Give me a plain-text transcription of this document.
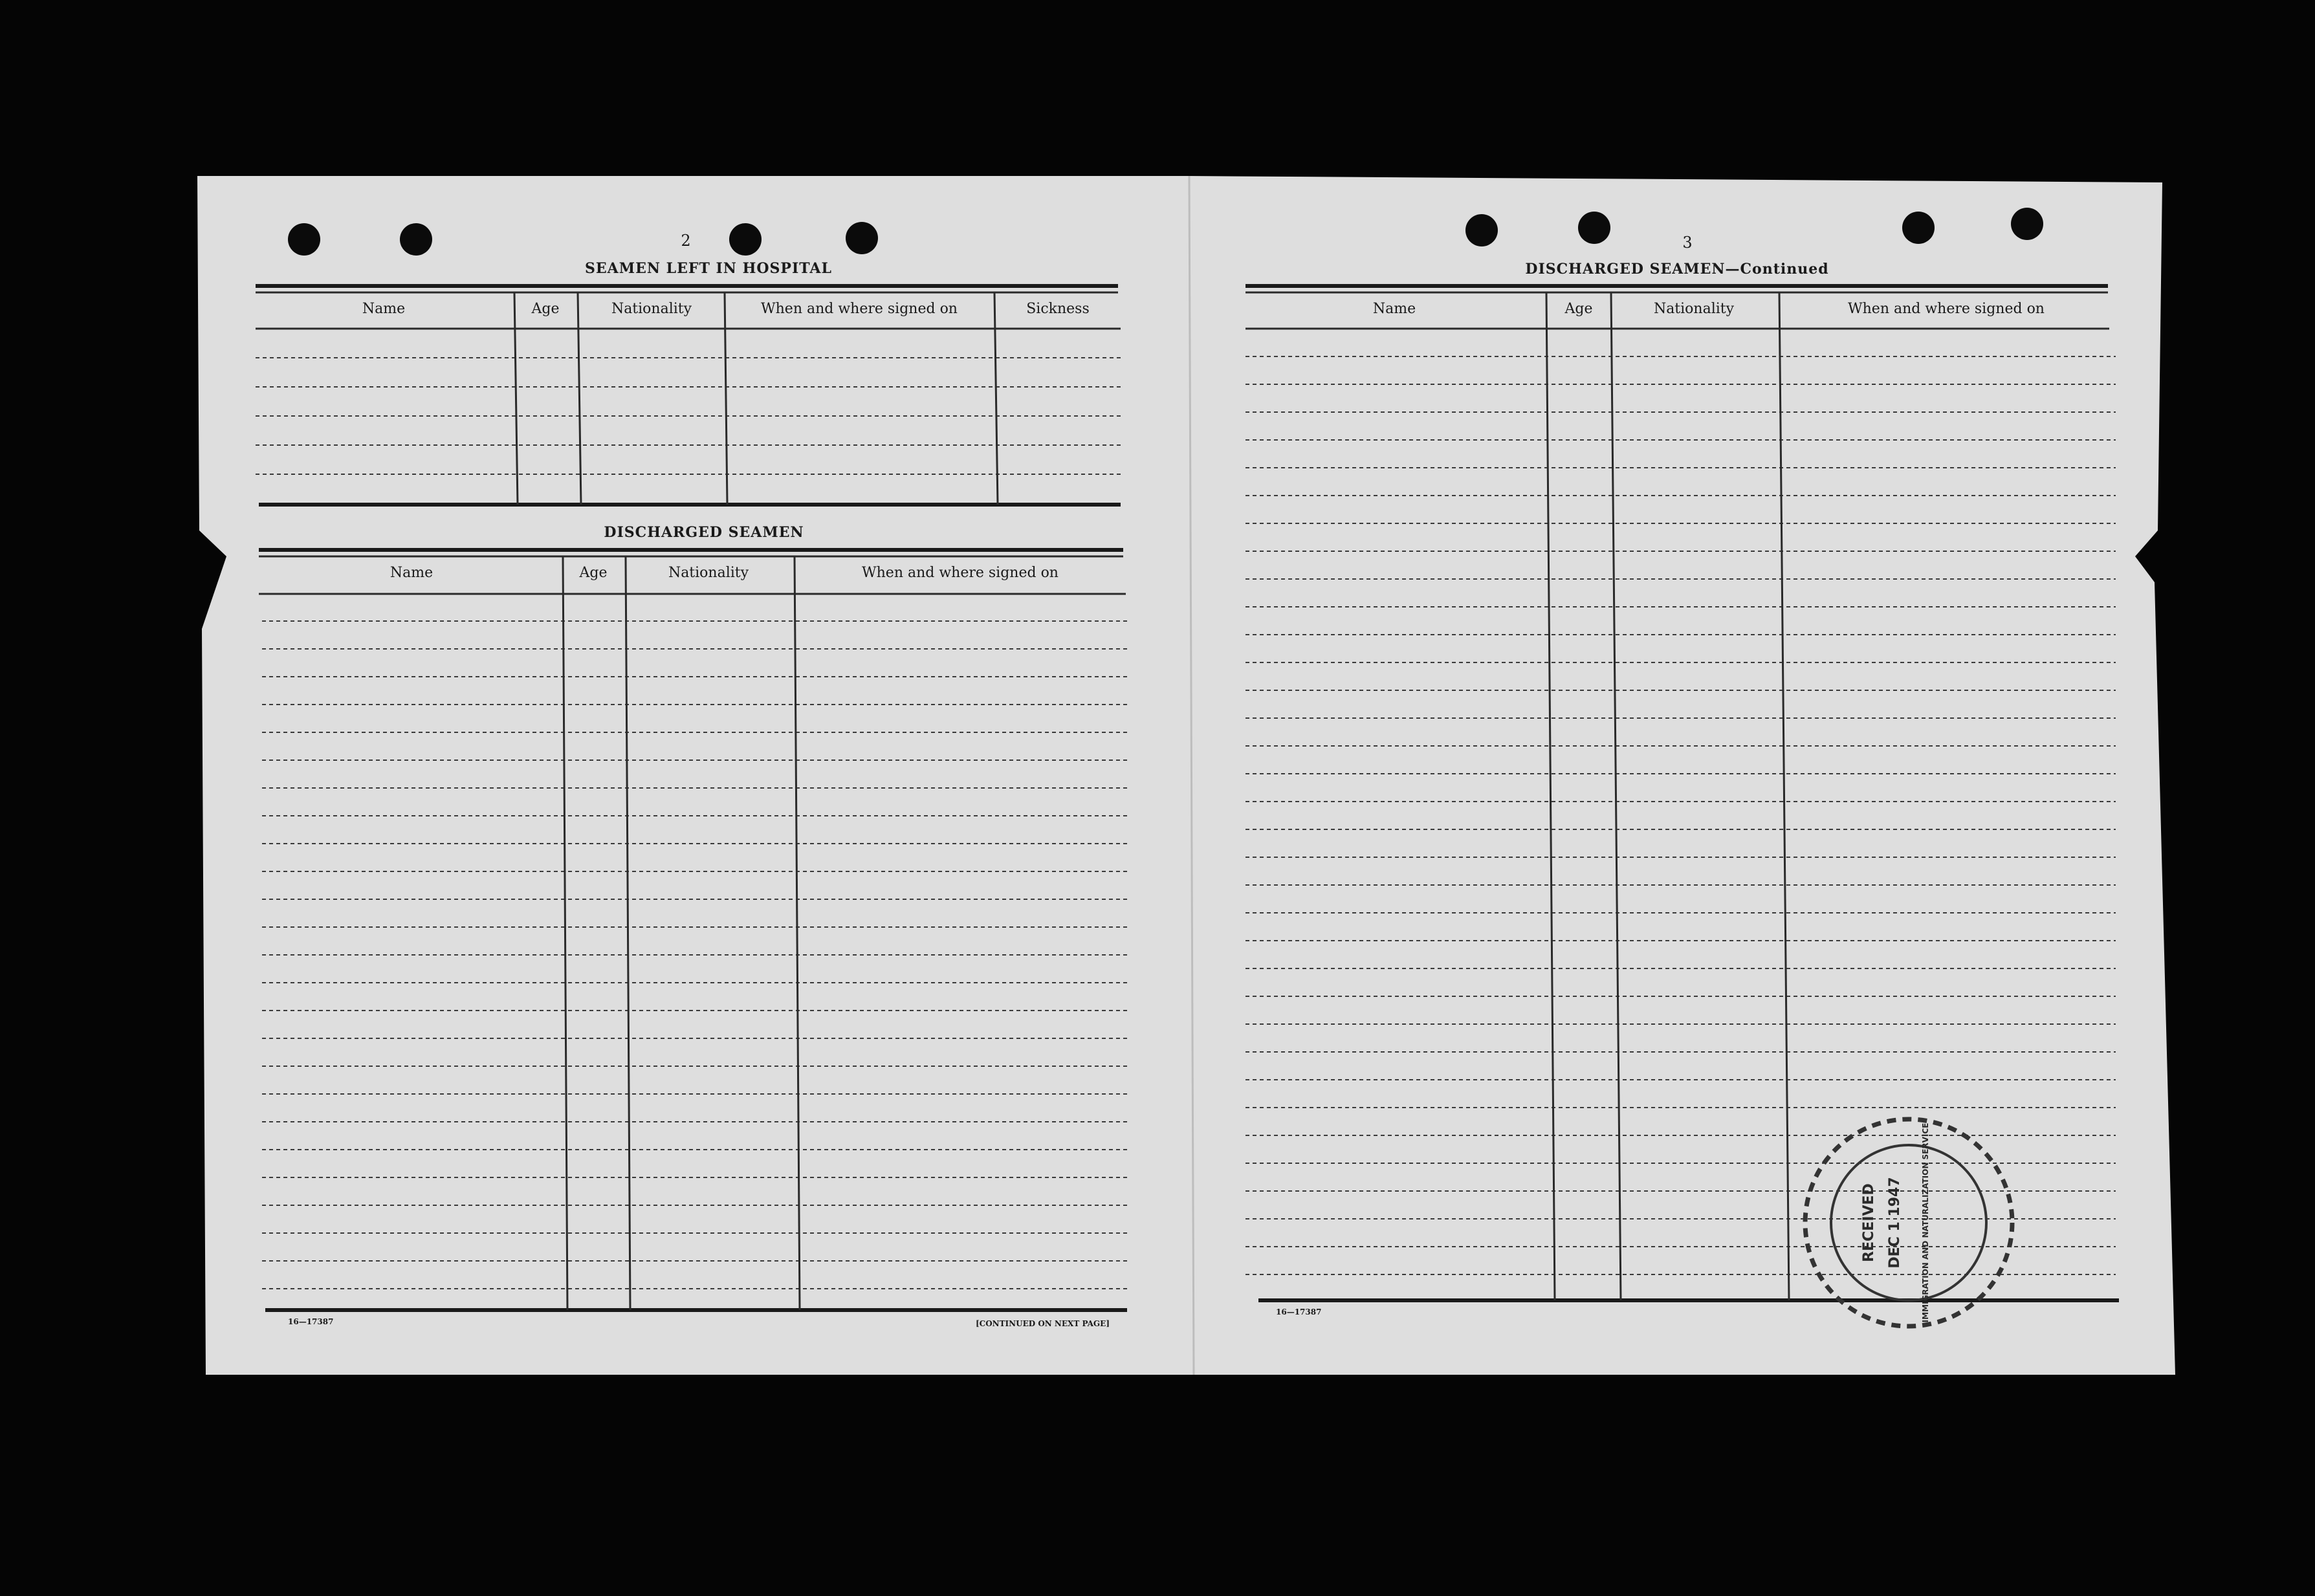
2
SEAMEN LEFT IN HOSPITAL
Name	Age	Nationality	When and where signed on	Sickness
DISCHARGED SEAMEN
Name	Age	Nationality	When and where signed on
16—17387	[CONTINUED ON NEXT PAGE]
3
DISCHARGED SEAMEN—Continued
Name	Age	Nationality	When and where signed on
16—17387
RECEIVED DEC 1 1947 IMMIGRATION AND NATURALIZATION SERVICE
